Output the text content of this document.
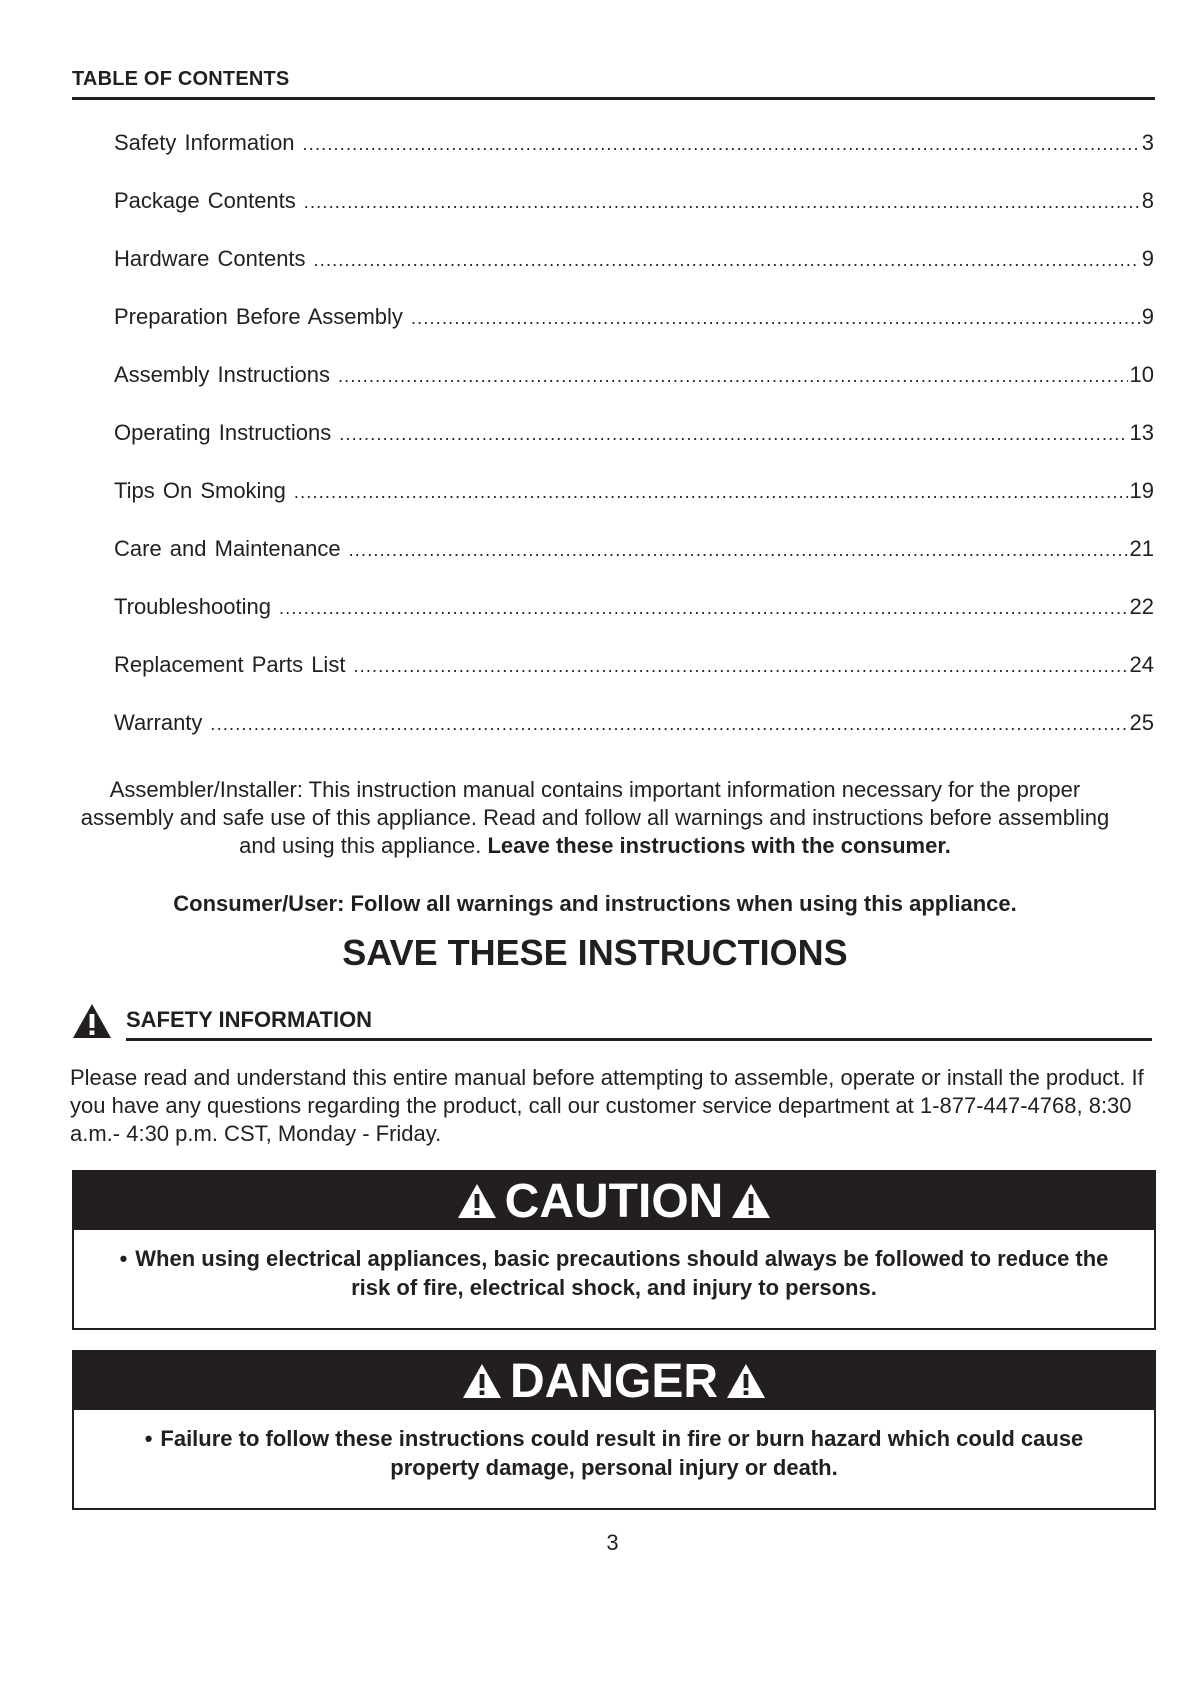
TABLE OF CONTENTS
Safety Information .....	3
Package Contents .....	8
Hardware Contents .....	9
Preparation Before Assembly .....	9
Assembly Instructions .....	10
Operating Instructions .....	13
Tips On Smoking .....	19
Care and Maintenance .....	21
Troubleshooting .....	22
Replacement Parts List .....	24
Warranty .....	25

Assembler/Installer: This instruction manual contains important information necessary for the proper assembly and safe use of this appliance. Read and follow all warnings and instructions before assembling and using this appliance. Leave these instructions with the consumer.

Consumer/User: Follow all warnings and instructions when using this appliance.

SAVE THESE INSTRUCTIONS
SAFETY INFORMATION

Please read and understand this entire manual before attempting to assemble, operate or install the product. If you have any questions regarding the product, call our customer service department at 1-877-447-4768, 8:30 a.m.- 4:30 p.m. CST, Monday - Friday.

CAUTION
• When using electrical appliances, basic precautions should always be followed to reduce the risk of fire, electrical shock, and injury to persons.
DANGER
• Failure to follow these instructions could result in fire or burn hazard which could cause property damage, personal injury or death.
3
